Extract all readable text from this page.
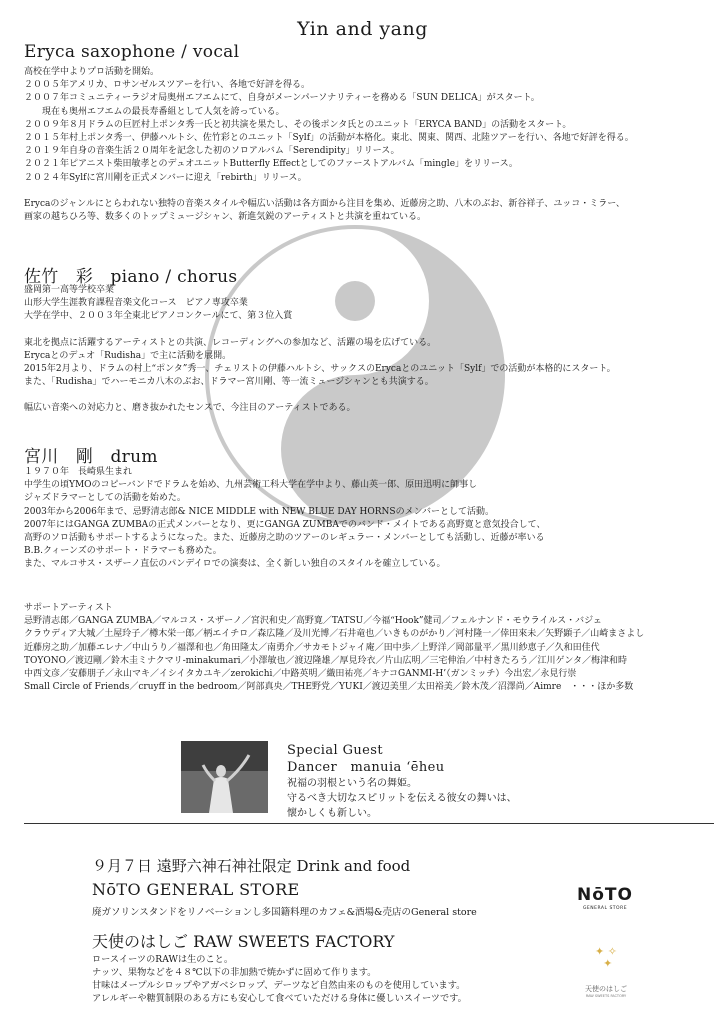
Yin and yang
Eryca saxophone / vocal
高校在学中よりプロ活動を開始。
２００５年アメリカ、ロサンゼルスツアーを行い、各地で好評を得る。
２００７年コミュニティーラジオ局奥州エフエムにて、自身がメーンパーソナリティーを務める「SUN DELICA」がスタート。
　　現在も奥州エフエムの最長寿番組として人気を誇っている。
２００９年８月ドラムの巨匠村上ポンタ秀一氏と初共演を果たし、その後ポンタ氏とのユニット「ERYCA BAND」の活動をスタート。
２０１５年村上ポンタ秀一、伊藤ハルトシ、佐竹彩とのユニット「Sylf」の活動が本格化。東北、関東、関西、北陸ツアーを行い、各地で好評を得る。
２０１９年自身の音楽生活２０周年を記念した初のソロアルバム「Serendipity」リリース。
２０２１年ピアニスト柴田敏孝とのデュオユニットButterfly Effectとしてのファーストアルバム「mingle」をリリース。
２０２４年Sylfに宮川剛を正式メンバーに迎え「rebirth」リリース。
Erycaのジャンルにとらわれない独特の音楽スタイルや幅広い活動は各方面から注目を集め、近藤房之助、八木のぶお、新谷祥子、ユッコ・ミラー、
画家の越ちひろ等、数多くのトップミュージシャン、新進気鋭のアーティストと共演を重ねている。
佐竹　彩　piano / chorus
盛岡第一高等学校卒業
山形大学生涯教育課程音楽文化コース　ピアノ専攻卒業
大学在学中、２００３年全東北ピアノコンクールにて、第３位入賞
東北を拠点に活躍するアーティストとの共演、レコーディングへの参加など、活躍の場を広げている。
Erycaとのデュオ「Rudisha」で主に活動を展開。
2015年2月より、ドラムの村上“ポンタ”秀一、チェリストの伊藤ハルトシ、サックスのErycaとのユニット「Sylf」での活動が本格的にスタート。
また、「Rudisha」でハーモニカ八木のぶお、ドラマー宮川剛、等一流ミュージシャンとも共演する。
幅広い音楽への対応力と、磨き抜かれたセンスで、今注目のアーティストである。
宮川　剛　drum
１９７０年　長崎県生まれ
中学生の頃YMOのコピーバンドでドラムを始め、九州芸術工科大学在学中より、藤山英一郎、原田迅明に師事し
ジャズドラマーとしての活動を始めた。
2003年から2006年まで、忌野清志郎& NICE MIDDLE with NEW BLUE DAY HORNSのメンバーとして活動。
2007年にはGANGA ZUMBAの正式メンバーとなり、更にGANGA ZUMBAでのバンド・メイトである高野寛と意気投合して、
高野のソロ活動もサポートするようになった。また、近藤房之助のツアーのレギュラー・メンバーとしても活動し、近藤が率いる
B.B.クィーンズのサポート・ドラマーも務めた。
また、マルコサス・スザーノ直伝のパンデイロでの演奏は、全く新しい独自のスタイルを確立している。
サポートアーティスト
忌野清志郎／GANGA ZUMBA／マルコス・スザーノ／宮沢和史／高野寛／TATSU／今福“Hook”健司／フェルナンド・モウライルス・バジェ
クラウディア大城／土屋玲子／樽木栄一郎／柄エイチロ／森広隆／及川光博／石井竜也／いきものがかり／河村隆一／倖田來未／矢野顕子／山崎まさよし
近藤房之助／加藤エレナ／中山うり／福澤和也／角田隆太／南勇介／サカモトジャイ庵／田中歩／上野洋／岡部量平／黒川紗恵子／久和田佳代
TOYONO／渡辺剛／鈴木圭ミナクマリ-minakumari／小澤敏也／渡辺隆雄／厚見玲衣／片山広明／三宅伸治／中村きたろう／江川ゲンタ／梅津和時
中西文彦／安藤朋子／永山マキ／イシイタカユキ／zerokichi／中路英明／織田祐亮／キナコGANMI-H’（ガンミッチ）今出宏／永見行崇
Small Circle of Friends／cruyff in the bedroom／阿部真央／THE野党／YUKI／渡辺美里／太田裕美／鈴木茂／沼澤尚／Aimre　・・・ほか多数
Special Guest
Dancer　manuia ʻēheu
祝福の羽根という名の舞姫。
守るべき大切なスピリットを伝える彼女の舞いは、
懐かしくも新しい。
９月７日 遠野六神石神社限定 Drink and food
NōTO GENERAL STORE
廃ガソリンスタンドをリノベーションし多国籍料理のカフェ&酒場&売店のGeneral store
NōTO
GENERAL STORE
天使のはしご RAW SWEETS FACTORY
ロースイーツのRAWは生のこと。
ナッツ、果物などを４８℃以下の非加熱で焼かずに固めて作ります。
甘味はメープルシロップやアガベシロップ、デーツなど自然由来のものを使用しています。
アレルギーや糖質制限のある方にも安心して食べていただける身体に優しいスイーツです。
✦ ✧
✦
天使のはしご
RAW SWEETS FACTORY
